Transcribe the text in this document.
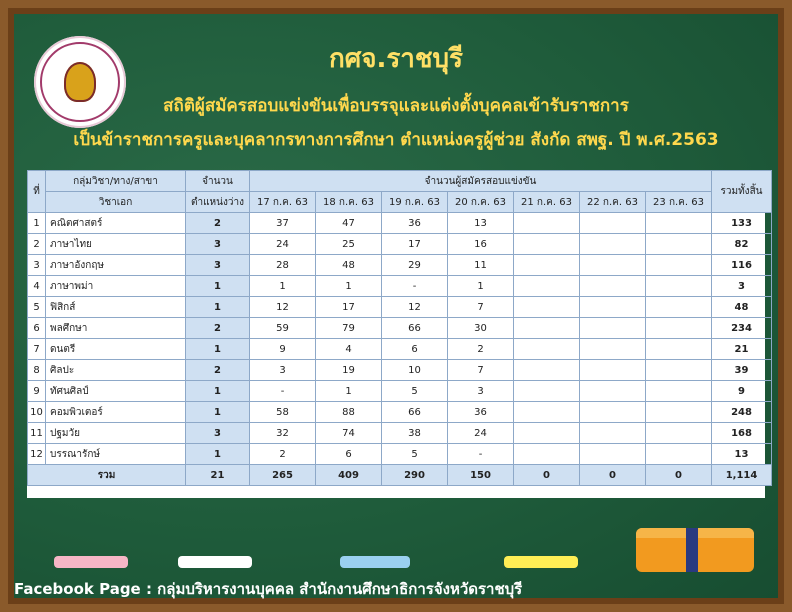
กศจ.ราชบุรี
สถิติผู้สมัครสอบแข่งขันเพื่อบรรจุและแต่งตั้งบุคคลเข้ารับราชการ
เป็นข้าราชการครูและบุคลากรทางการศึกษา ตำแหน่งครูผู้ช่วย สังกัด สพฐ. ปี พ.ศ.2563
ที่	กลุ่มวิชา/ทาง/สาขา	จำนวน	จำนวนผู้สมัครสอบแข่งขัน							รวมทั้งสิ้น
	วิชาเอก	ตำแหน่งว่าง	17 ก.ค. 63	18 ก.ค. 63	19 ก.ค. 63	20 ก.ค. 63	21 ก.ค. 63	22 ก.ค. 63	23 ก.ค. 63	
1	คณิตศาสตร์	2	37	47	36	13				133
2	ภาษาไทย	3	24	25	17	16				82
3	ภาษาอังกฤษ	3	28	48	29	11				116
4	ภาษาพม่า	1	1	1	-	1				3
5	ฟิสิกส์	1	12	17	12	7				48
6	พลศึกษา	2	59	79	66	30				234
7	ดนตรี	1	9	4	6	2				21
8	ศิลปะ	2	3	19	10	7				39
9	ทัศนศิลป์	1	-	1	5	3				9
10	คอมพิวเตอร์	1	58	88	66	36				248
11	ปฐมวัย	3	32	74	38	24				168
12	บรรณารักษ์	1	2	6	5	-				13
รวม		21	265	409	290	150	0	0	0	1,114
Facebook Page : กลุ่มบริหารงานบุคคล สำนักงานศึกษาธิการจังหวัดราชบุรี
